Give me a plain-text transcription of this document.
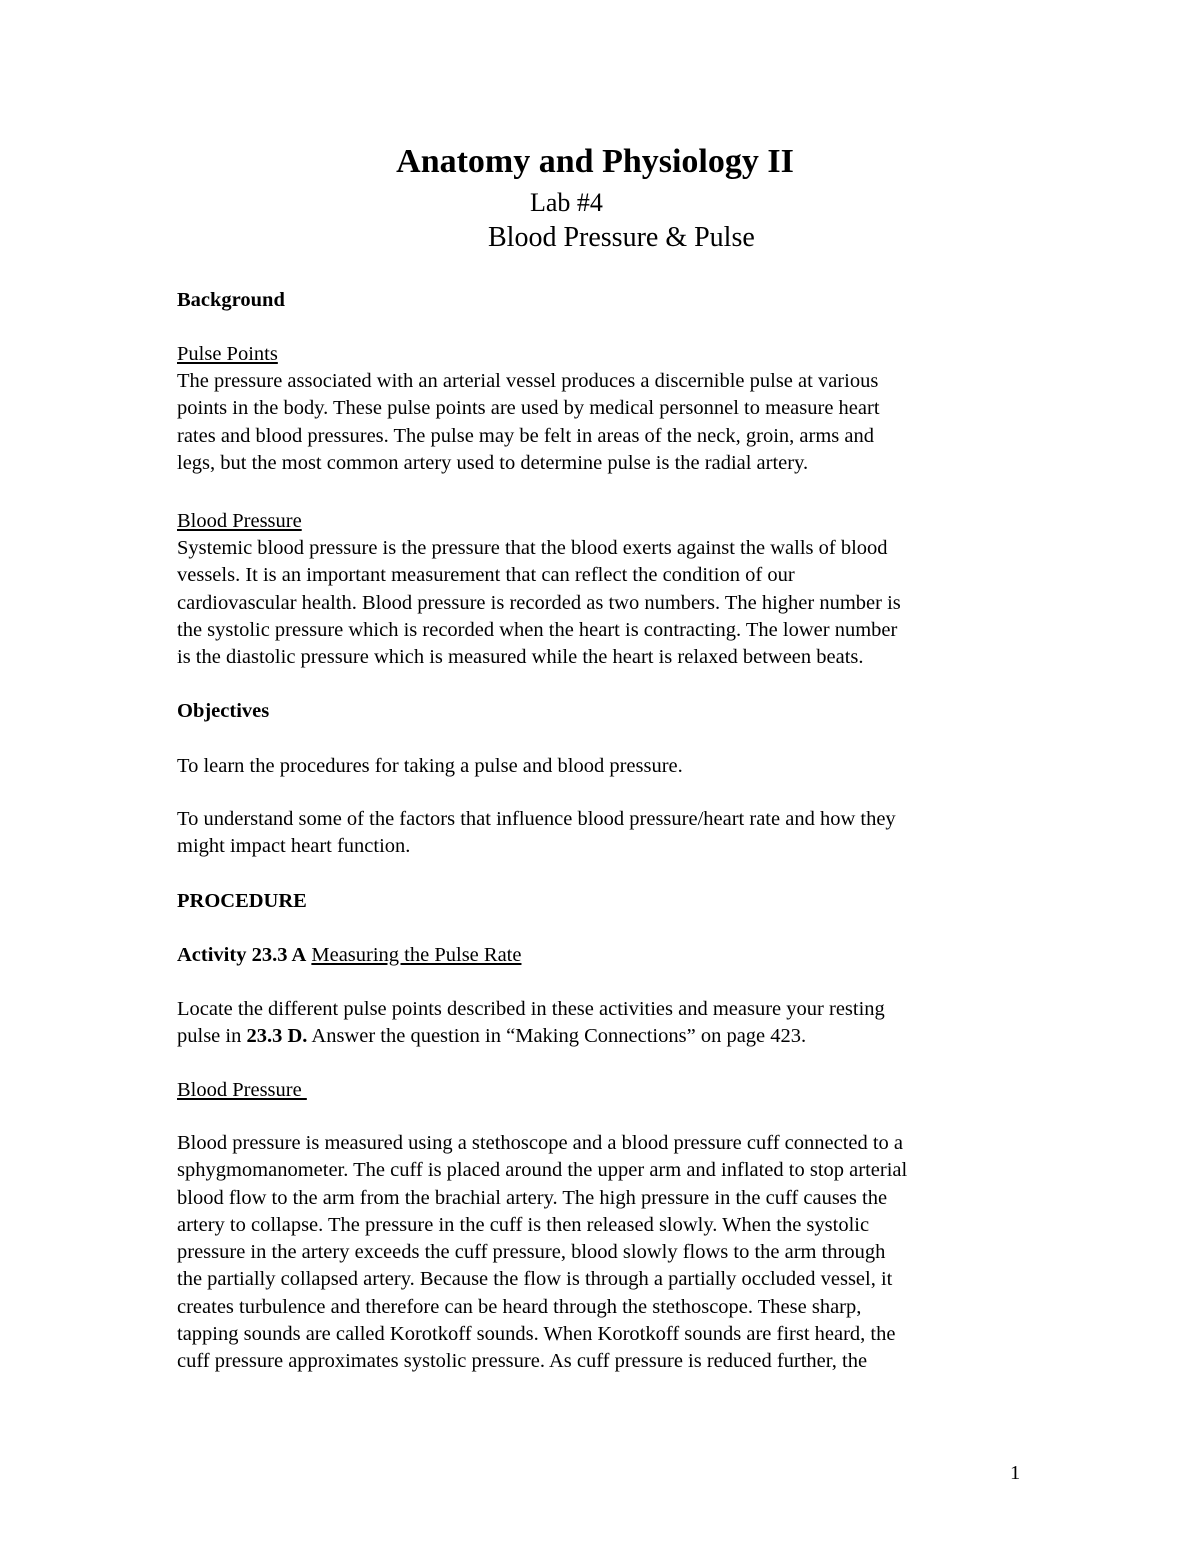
Anatomy and Physiology II
Lab #4
Blood Pressure & Pulse
Background
Pulse Points
The pressure associated with an arterial vessel produces a discernible pulse at various
points in the body. These pulse points are used by medical personnel to measure heart
rates and blood pressures. The pulse may be felt in areas of the neck, groin, arms and
legs, but the most common artery used to determine pulse is the radial artery.
Blood Pressure
Systemic blood pressure is the pressure that the blood exerts against the walls of blood
vessels. It is an important measurement that can reflect the condition of our
cardiovascular health. Blood pressure is recorded as two numbers. The higher number is
the systolic pressure which is recorded when the heart is contracting. The lower number
is the diastolic pressure which is measured while the heart is relaxed between beats.
Objectives
To learn the procedures for taking a pulse and blood pressure.
To understand some of the factors that influence blood pressure/heart rate and how they
might impact heart function.
PROCEDURE
Activity 23.3 A Measuring the Pulse Rate
Locate the different pulse points described in these activities and measure your resting
pulse in 23.3 D. Answer the question in “Making Connections” on page 423.
Blood Pressure
Blood pressure is measured using a stethoscope and a blood pressure cuff connected to a
sphygmomanometer. The cuff is placed around the upper arm and inflated to stop arterial
blood flow to the arm from the brachial artery. The high pressure in the cuff causes the
artery to collapse. The pressure in the cuff is then released slowly. When the systolic
pressure in the artery exceeds the cuff pressure, blood slowly flows to the arm through
the partially collapsed artery. Because the flow is through a partially occluded vessel, it
creates turbulence and therefore can be heard through the stethoscope. These sharp,
tapping sounds are called Korotkoff sounds. When Korotkoff sounds are first heard, the
cuff pressure approximates systolic pressure. As cuff pressure is reduced further, the
1
